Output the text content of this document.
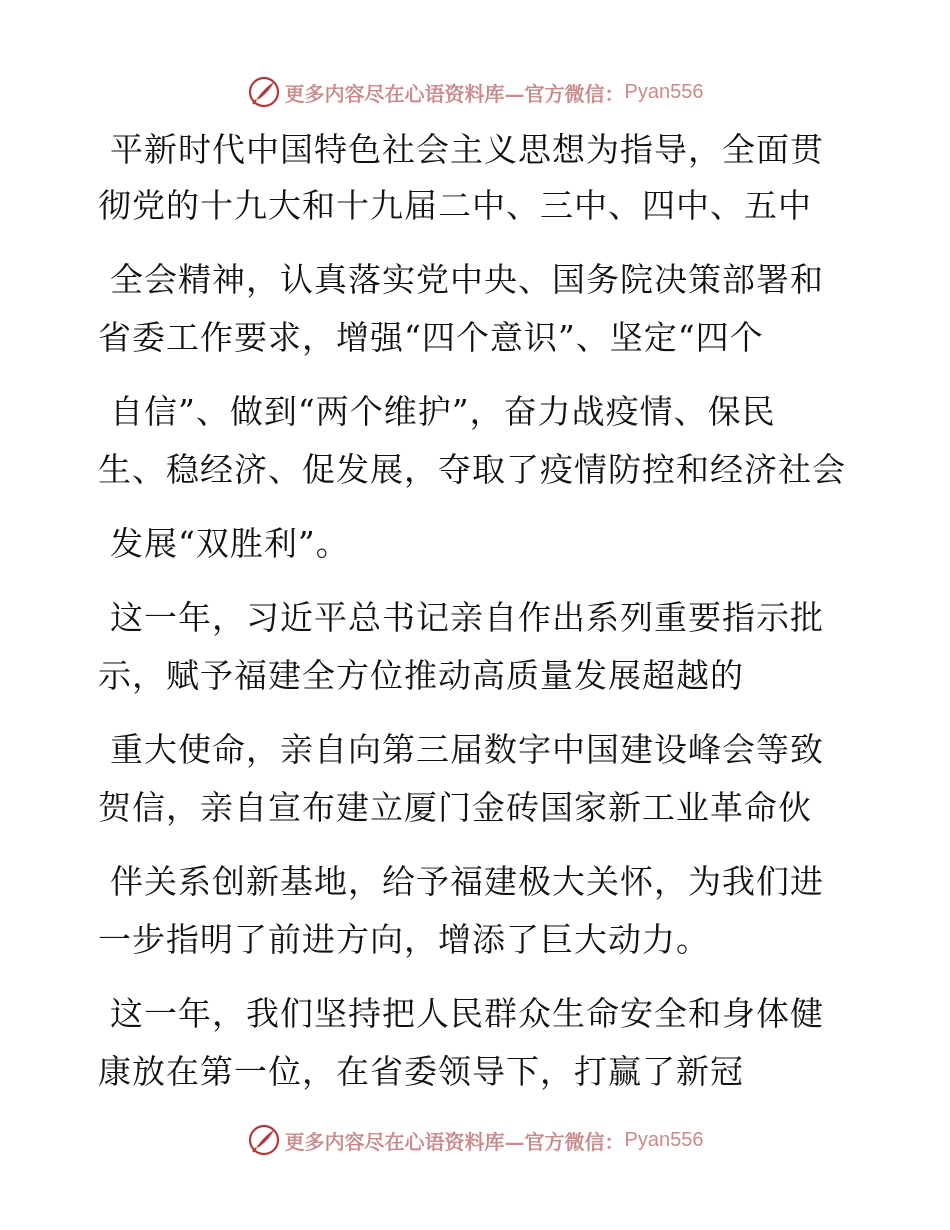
更多内容尽在心语资料库—官方微信： Pyan556
平新时代中国特色社会主义思想为指导，全面贯
彻党的十九大和十九届二中、三中、四中、五中
全会精神，认真落实党中央、国务院决策部署和
省委工作要求，增强“四个意识”、坚定“四个
自信”、做到“两个维护”，奋力战疫情、保民
生、稳经济、促发展，夺取了疫情防控和经济社会
发展“双胜利”。
这一年，习近平总书记亲自作出系列重要指示批
示，赋予福建全方位推动高质量发展超越的
重大使命，亲自向第三届数字中国建设峰会等致
贺信，亲自宣布建立厦门金砖国家新工业革命伙
伴关系创新基地，给予福建极大关怀，为我们进
一步指明了前进方向，增添了巨大动力。
这一年，我们坚持把人民群众生命安全和身体健
康放在第一位，在省委领导下，打赢了新冠
更多内容尽在心语资料库—官方微信： Pyan556
